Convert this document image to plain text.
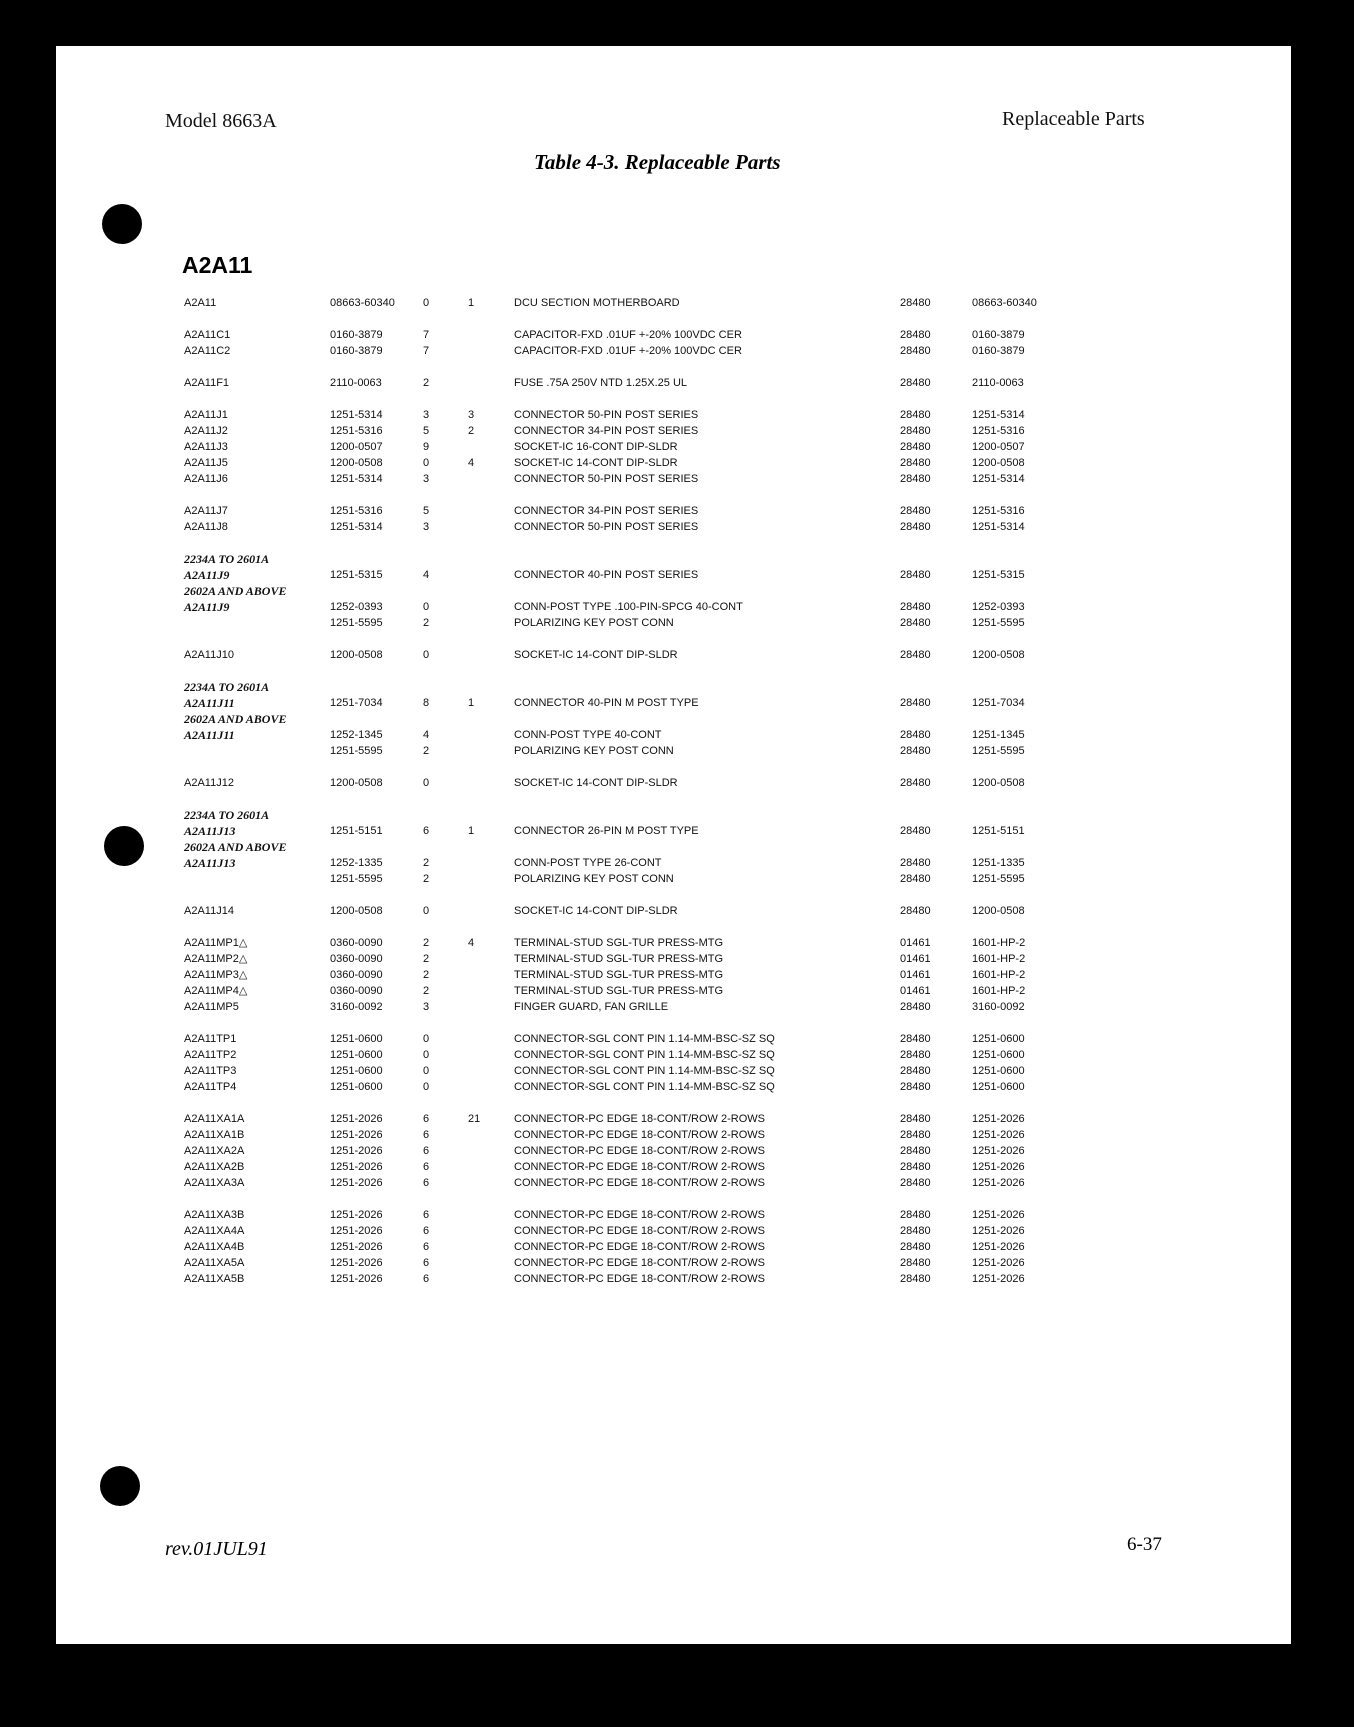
Model 8663A	Replaceable Parts
Table 4-3. Replaceable Parts
A2A11
A2A11	08663-60340	0	1	DCU SECTION MOTHERBOARD	28480	08663-60340
A2A11C1	0160-3879	7	CAPACITOR-FXD .01UF +-20% 100VDC CER	28480	0160-3879
A2A11C2	0160-3879	7	CAPACITOR-FXD .01UF +-20% 100VDC CER	28480	0160-3879
A2A11F1	2110-0063	2	FUSE .75A 250V NTD 1.25X.25 UL	28480	2110-0063
A2A11J1	1251-5314	3	3	CONNECTOR 50-PIN POST SERIES	28480	1251-5314
A2A11J2	1251-5316	5	2	CONNECTOR 34-PIN POST SERIES	28480	1251-5316
A2A11J3	1200-0507	9	SOCKET-IC 16-CONT DIP-SLDR	28480	1200-0507
A2A11J5	1200-0508	0	4	SOCKET-IC 14-CONT DIP-SLDR	28480	1200-0508
A2A11J6	1251-5314	3	CONNECTOR 50-PIN POST SERIES	28480	1251-5314
A2A11J7	1251-5316	5	CONNECTOR 34-PIN POST SERIES	28480	1251-5316
A2A11J8	1251-5314	3	CONNECTOR 50-PIN POST SERIES	28480	1251-5314
2234A TO 2601A
A2A11J9	1251-5315	4	CONNECTOR 40-PIN POST SERIES	28480	1251-5315
2602A AND ABOVE
A2A11J9	1252-0393	0	CONN-POST TYPE .100-PIN-SPCG 40-CONT	28480	1252-0393
1251-5595	2	POLARIZING KEY POST CONN	28480	1251-5595
A2A11J10	1200-0508	0	SOCKET-IC 14-CONT DIP-SLDR	28480	1200-0508
2234A TO 2601A
A2A11J11	1251-7034	8	1	CONNECTOR 40-PIN M POST TYPE	28480	1251-7034
2602A AND ABOVE
A2A11J11	1252-1345	4	CONN-POST TYPE 40-CONT	28480	1251-1345
1251-5595	2	POLARIZING KEY POST CONN	28480	1251-5595
A2A11J12	1200-0508	0	SOCKET-IC 14-CONT DIP-SLDR	28480	1200-0508
2234A TO 2601A
A2A11J13	1251-5151	6	1	CONNECTOR 26-PIN M POST TYPE	28480	1251-5151
2602A AND ABOVE
A2A11J13	1252-1335	2	CONN-POST TYPE 26-CONT	28480	1251-1335
1251-5595	2	POLARIZING KEY POST CONN	28480	1251-5595
A2A11J14	1200-0508	0	SOCKET-IC 14-CONT DIP-SLDR	28480	1200-0508
A2A11MP1△	0360-0090	2	4	TERMINAL-STUD SGL-TUR PRESS-MTG	01461	1601-HP-2
A2A11MP2△	0360-0090	2	TERMINAL-STUD SGL-TUR PRESS-MTG	01461	1601-HP-2
A2A11MP3△	0360-0090	2	TERMINAL-STUD SGL-TUR PRESS-MTG	01461	1601-HP-2
A2A11MP4△	0360-0090	2	TERMINAL-STUD SGL-TUR PRESS-MTG	01461	1601-HP-2
A2A11MP5	3160-0092	3	FINGER GUARD, FAN GRILLE	28480	3160-0092
A2A11TP1	1251-0600	0	CONNECTOR-SGL CONT PIN 1.14-MM-BSC-SZ SQ	28480	1251-0600
A2A11TP2	1251-0600	0	CONNECTOR-SGL CONT PIN 1.14-MM-BSC-SZ SQ	28480	1251-0600
A2A11TP3	1251-0600	0	CONNECTOR-SGL CONT PIN 1.14-MM-BSC-SZ SQ	28480	1251-0600
A2A11TP4	1251-0600	0	CONNECTOR-SGL CONT PIN 1.14-MM-BSC-SZ SQ	28480	1251-0600
A2A11XA1A	1251-2026	6	21	CONNECTOR-PC EDGE 18-CONT/ROW 2-ROWS	28480	1251-2026
A2A11XA1B	1251-2026	6	CONNECTOR-PC EDGE 18-CONT/ROW 2-ROWS	28480	1251-2026
A2A11XA2A	1251-2026	6	CONNECTOR-PC EDGE 18-CONT/ROW 2-ROWS	28480	1251-2026
A2A11XA2B	1251-2026	6	CONNECTOR-PC EDGE 18-CONT/ROW 2-ROWS	28480	1251-2026
A2A11XA3A	1251-2026	6	CONNECTOR-PC EDGE 18-CONT/ROW 2-ROWS	28480	1251-2026
A2A11XA3B	1251-2026	6	CONNECTOR-PC EDGE 18-CONT/ROW 2-ROWS	28480	1251-2026
A2A11XA4A	1251-2026	6	CONNECTOR-PC EDGE 18-CONT/ROW 2-ROWS	28480	1251-2026
A2A11XA4B	1251-2026	6	CONNECTOR-PC EDGE 18-CONT/ROW 2-ROWS	28480	1251-2026
A2A11XA5A	1251-2026	6	CONNECTOR-PC EDGE 18-CONT/ROW 2-ROWS	28480	1251-2026
A2A11XA5B	1251-2026	6	CONNECTOR-PC EDGE 18-CONT/ROW 2-ROWS	28480	1251-2026
rev.01JUL91	6-37
